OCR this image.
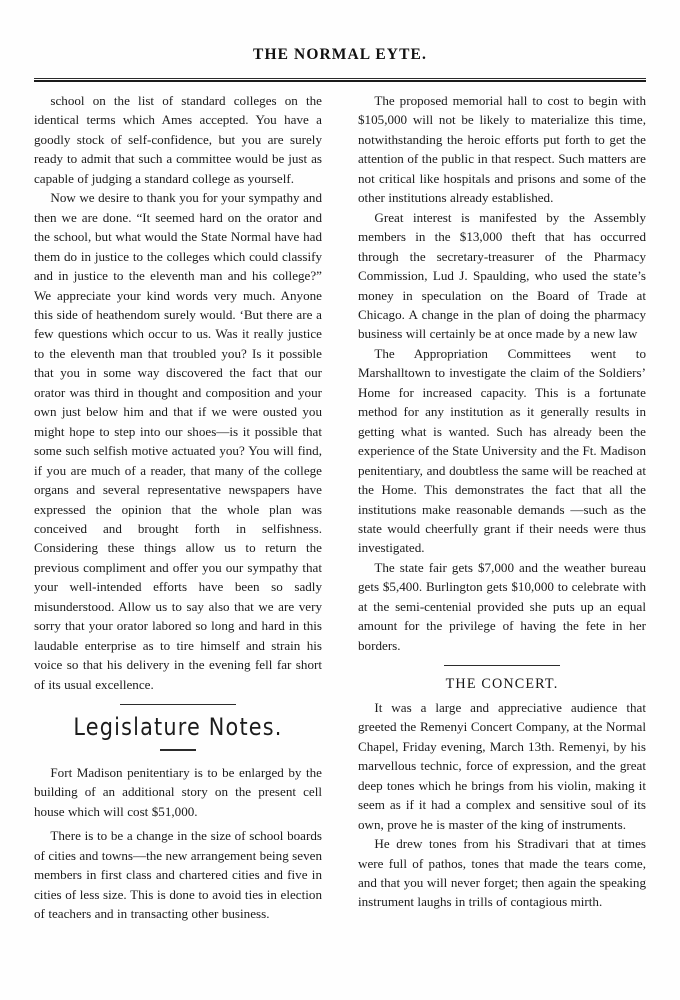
THE NORMAL EYTE.

school on the list of standard colleges on the identical terms which Ames accepted. You have a goodly stock of self-confidence, but you are surely ready to admit that such a committee would be just as capable of judging a standard college as yourself.

Now we desire to thank you for your sympathy and then we are done. “It seemed hard on the orator and the school, but what would the State Normal have had them do in justice to the colleges which could classify and in justice to the eleventh man and his college?” We appreciate your kind words very much. Anyone this side of heathendom surely would. ‘But there are a few questions which occur to us. Was it really justice to the eleventh man that troubled you? Is it possible that you in some way discovered the fact that our orator was third in thought and composition and your own just below him and that if we were ousted you might hope to step into our shoes—is it possible that some such selfish motive actuated you? You will find, if you are much of a reader, that many of the college organs and several representative newspapers have expressed the opinion that the whole plan was conceived and brought forth in selfishness. Considering these things allow us to return the previous compliment and offer you our sympathy that your well-intended efforts have been so sadly misunderstood. Allow us to say also that we are very sorry that your orator labored so long and hard in this laudable enterprise as to tire himself and strain his voice so that his delivery in the evening fell far short of its usual excellence.

Legislature Notes.

Fort Madison penitentiary is to be enlarged by the building of an additional story on the present cell house which will cost $51,000.

There is to be a change in the size of school boards of cities and towns—the new arrangement being seven members in first class and chartered cities and five in cities of less size. This is done to avoid ties in election of teachers and in transacting other business.

The proposed memorial hall to cost to begin with $105,000 will not be likely to materialize this time, notwithstanding the heroic efforts put forth to get the attention of the public in that respect. Such matters are not critical like hospitals and prisons and some of the other institutions already established.

Great interest is manifested by the Assembly members in the $13,000 theft that has occurred through the secretary-treasurer of the Pharmacy Commission, Lud J. Spaulding, who used the state’s money in speculation on the Board of Trade at Chicago. A change in the plan of doing the pharmacy business will certainly be at once made by a new law

The Appropriation Committees went to Marshalltown to investigate the claim of the Soldiers’ Home for increased capacity. This is a fortunate method for any institution as it generally results in getting what is wanted. Such has already been the experience of the State University and the Ft. Madison penitentiary, and doubtless the same will be reached at the Home. This demonstrates the fact that all the institutions make reasonable demands —such as the state would cheerfully grant if their needs were thus investigated.

The state fair gets $7,000 and the weather bureau gets $5,400. Burlington gets $10,000 to celebrate with at the semi-centenial provided she puts up an equal amount for the privilege of having the fete in her borders.

THE CONCERT.

It was a large and appreciative audience that greeted the Remenyi Concert Company, at the Normal Chapel, Friday evening, March 13th. Remenyi, by his marvellous technic, force of expression, and the great deep tones which he brings from his violin, making it seem as if it had a complex and sensitive soul of its own, prove he is master of the king of instruments.

He drew tones from his Stradivari that at times were full of pathos, tones that made the tears come, and that you will never forget; then again the speaking instrument laughs in trills of contagious mirth.
